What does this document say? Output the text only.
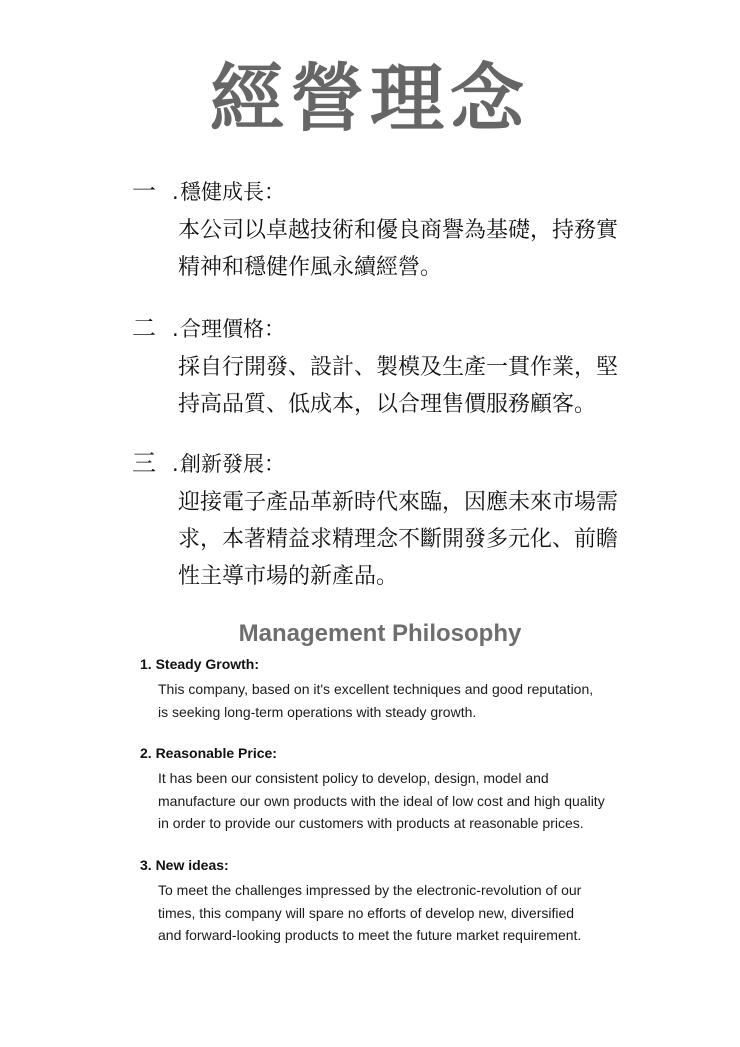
經營理念
一 .穩健成長：
本公司以卓越技術和優良商譽為基礎，持務實
精神和穩健作風永續經營。
二 .合理價格：
採自行開發、設計、製模及生產一貫作業，堅
持高品質、低成本，以合理售價服務顧客。
三 .創新發展：
迎接電子產品革新時代來臨，因應未來市場需
求，本著精益求精理念不斷開發多元化、前瞻
性主導市場的新產品。
Management Philosophy
1. Steady Growth:
This company, based on it's excellent techniques and good reputation,
is seeking long-term operations with steady growth.
2. Reasonable Price:
It has been our consistent policy to develop, design, model and
manufacture our own products with the ideal of low cost and high quality
in order to provide our customers with products at reasonable prices.
3. New ideas:
To meet the challenges impressed by the electronic-revolution of our
times, this company will spare no efforts of develop new, diversified
and forward-looking products to meet the future market requirement.
